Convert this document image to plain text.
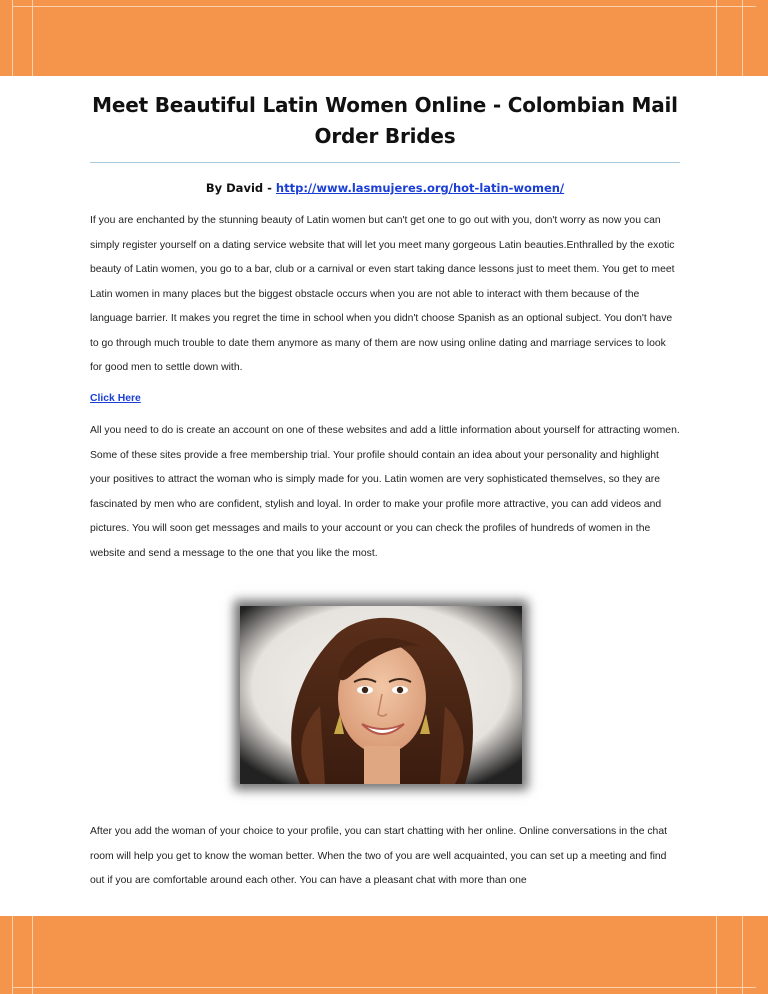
Meet Beautiful Latin Women Online - Colombian Mail Order Brides
By David - http://www.lasmujeres.org/hot-latin-women/

If you are enchanted by the stunning beauty of Latin women but can't get one to go out with you, don't worry as now you can simply register yourself on a dating service website that will let you meet many gorgeous Latin beauties.Enthralled by the exotic beauty of Latin women, you go to a bar, club or a carnival or even start taking dance lessons just to meet them. You get to meet Latin women in many places but the biggest obstacle occurs when you are not able to interact with them because of the language barrier. It makes you regret the time in school when you didn't choose Spanish as an optional subject. You don't have to go through much trouble to date them anymore as many of them are now using online dating and marriage services to look for good men to settle down with.

Click Here

All you need to do is create an account on one of these websites and add a little information about yourself for attracting women. Some of these sites provide a free membership trial. Your profile should contain an idea about your personality and highlight your positives to attract the woman who is simply made for you. Latin women are very sophisticated themselves, so they are fascinated by men who are confident, stylish and loyal. In order to make your profile more attractive, you can add videos and pictures. You will soon get messages and mails to your account or you can check the profiles of hundreds of women in the website and send a message to the one that you like the most.

After you add the woman of your choice to your profile, you can start chatting with her online. Online conversations in the chat room will help you get to know the woman better. When the two of you are well acquainted, you can set up a meeting and find out if you are comfortable around each other. You can have a pleasant chat with more than one
